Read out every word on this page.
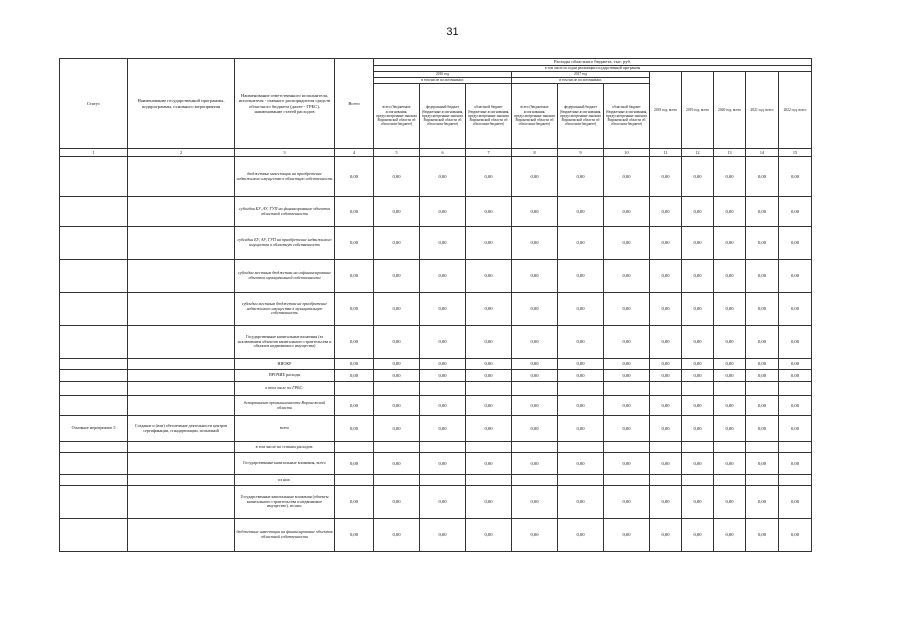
31
Статус	Наименование государственной программы, подпрограммы, основного мероприятия	Наименование ответственного исполнителя, исполнителя - главного распорядителя средств областного бюджета (далее - ГРБС), наименование статей расходов	Всего	Расходы областного бюджета, тыс. руб.										
				в том числе по годам реализации государственной программы										
				2016 год			2017 год			2018 год, всего	2019 год, всего	2020 год, всего	2021 год, всего	2022 год, всего
				в том числе по источникам:			в том числе по источникам:							
				всего (бюджетные ассигнования, предусмотренные законом Воронежской области об областном бюджете)	федеральный бюджет (бюджетные ассигнования, предусмотренные законом Воронежской области об областном бюджете)	областной бюджет (бюджетные ассигнования, предусмотренные законом Воронежской области об областном бюджете)	всего (бюджетные ассигнования, предусмотренные законом Воронежской области об областном бюджете)	федеральный бюджет (бюджетные ассигнования, предусмотренные законом Воронежской области об областном бюджете)	областной бюджет (бюджетные ассигнования, предусмотренные законом Воронежской области об областном бюджете)					
1	2	3	4	5	6	7	8	9	10	11	12	13	14	15
		бюджетные инвестиции на приобретение недвижимого имущества в областную собственность	0,00	0,00	0,00	0,00	0,00	0,00	0,00	0,00	0,00	0,00	0,00	0,00
		субсидии БУ, АУ, ГУП на финансирование объектов областной собственности	0,00	0,00	0,00	0,00	0,00	0,00	0,00	0,00	0,00	0,00	0,00	0,00
		субсидии БУ, АУ, ГУП на приобретение недвижимого имущества в областную собственность	0,00	0,00	0,00	0,00	0,00	0,00	0,00	0,00	0,00	0,00	0,00	0,00
		субсидии местным бюджетам на софинансирование объектов муниципальной собственности	0,00	0,00	0,00	0,00	0,00	0,00	0,00	0,00	0,00	0,00	0,00	0,00
		субсидии местным бюджетам на приобретение недвижимого имущества в муниципальную собственность	0,00	0,00	0,00	0,00	0,00	0,00	0,00	0,00	0,00	0,00	0,00	0,00
		Государственные капитальные вложения (за исключением объектов капитального строительства и объектов недвижимого имущества)	0,00	0,00	0,00	0,00	0,00	0,00	0,00	0,00	0,00	0,00	0,00	0,00
		НИОКР	0,00	0,00	0,00	0,00	0,00	0,00	0,00	0,00	0,00	0,00	0,00	0,00
		ПРОЧИЕ расходы	0,00	0,00	0,00	0,00	0,00	0,00	0,00	0,00	0,00	0,00	0,00	0,00
		в том числе по ГРБС:												
		департамент промышленности Воронежской области	0,00	0,00	0,00	0,00	0,00	0,00	0,00	0,00	0,00	0,00	0,00	0,00
Основное мероприятие 5	Создание и (или) обеспечение деятельности центров сертификации, стандартизации, испытаний	всего	0,00	0,00	0,00	0,00	0,00	0,00	0,00	0,00	0,00	0,00	0,00	0,00
		в том числе по статьям расходов:												
		Государственные капитальные вложения, всего	0,00	0,00	0,00	0,00	0,00	0,00	0,00	0,00	0,00	0,00	0,00	0,00
		из них:												
		Государственные капитальные вложения (объекты капитального строительства и недвижимое имущество), из них:	0,00	0,00	0,00	0,00	0,00	0,00	0,00	0,00	0,00	0,00	0,00	0,00
		бюджетные инвестиции на финансирование объектов областной собственности	0,00	0,00	0,00	0,00	0,00	0,00	0,00	0,00	0,00	0,00	0,00	0,00
